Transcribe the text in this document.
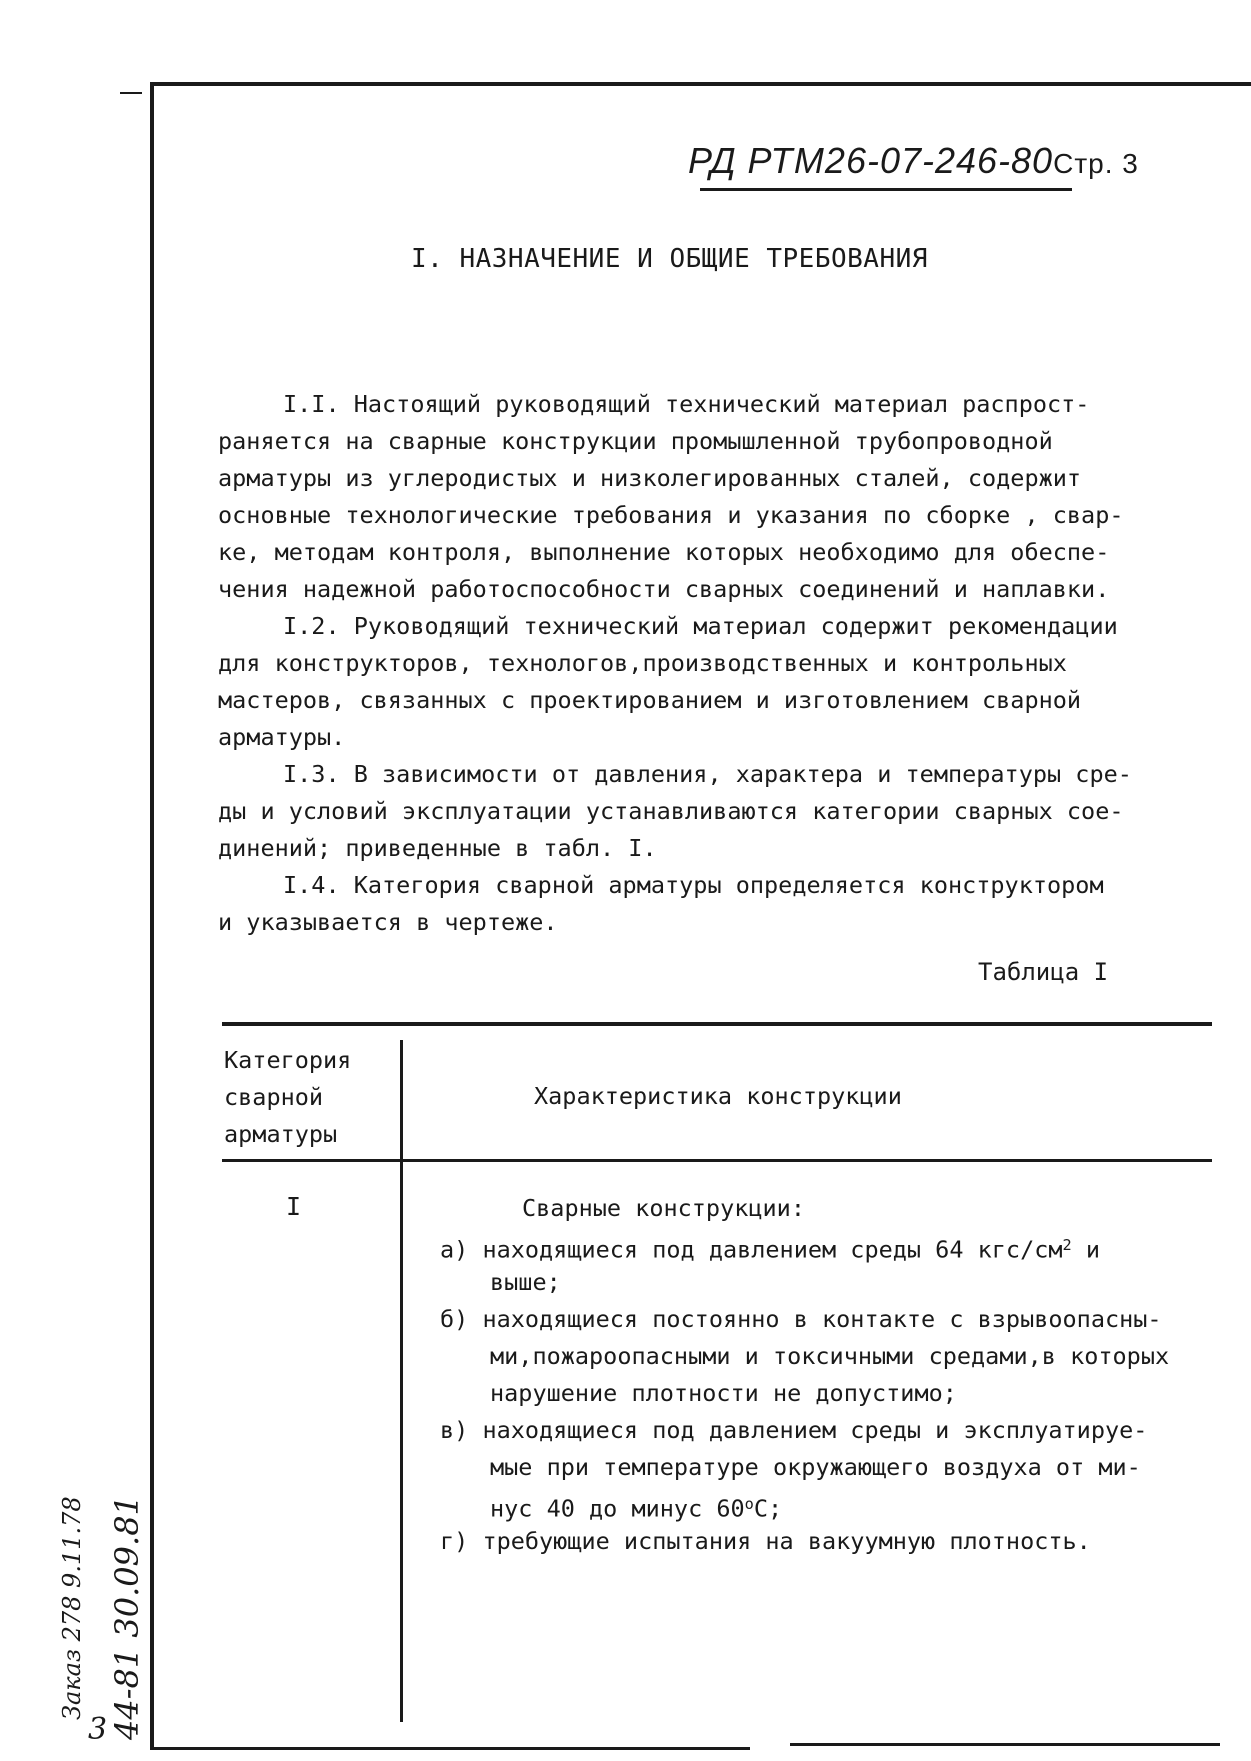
РД РТМ26-07-246-80Стр. 3
I. НАЗНАЧЕНИЕ И ОБЩИЕ ТРЕБОВАНИЯ
I.I. Настоящий руководящий технический материал распрост-
раняется на сварные конструкции промышленной трубопроводной
арматуры из углеродистых и низколегированных сталей, содержит
основные технологические требования и указания по сборке , свар-
ке, методам контроля, выполнение которых необходимо для обеспе-
чения надежной работоспособности сварных соединений и наплавки.
I.2. Руководящий технический материал содержит рекомендации
для конструкторов, технологов,производственных и контрольных
мастеров, связанных с проектированием и изготовлением сварной
арматуры.
I.3. В зависимости от давления, характера и температуры сре-
ды и условий эксплуатации устанавливаются категории сварных сое-
динений; приведенные в табл. I.
I.4. Категория сварной арматуры определяется конструктором
и указывается в чертеже.
Таблица I
Категория
сварной
арматуры
Характеристика конструкции
I	Сварные конструкции:
а) находящиеся под давлением среды 64 кгс/$см^2$ и
выше;
б) находящиеся постоянно в контакте с взрывоопасны-
ми,пожароопасными и токсичными средами,в которых
нарушение плотности не допустимо;
в) находящиеся под давлением среды и эксплуатируе-
мые при температуре окружающего воздуха от ми-
нус 40 до минус $60^оС$;
г) требующие испытания на вакуумную плотность.
Заказ 278 9.11.78 44-81 30.09.81
3
